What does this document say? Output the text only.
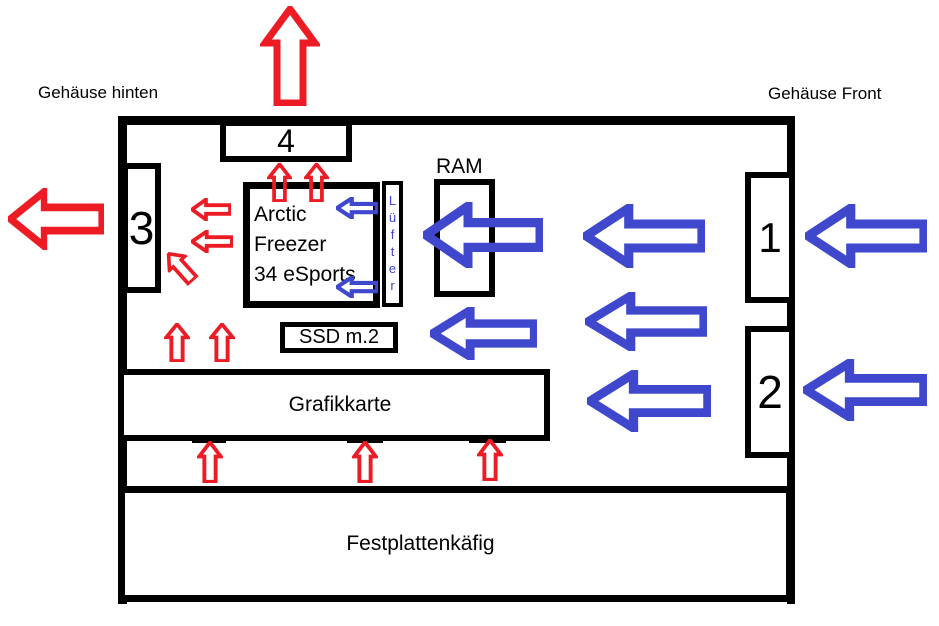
Gehäuse hinten	Gehäuse Front
4
3	1
2
RAM
Arctic Freezer
34 eSports	Lüfter
SSD m.2
Grafikkarte
Festplattenkäfig
